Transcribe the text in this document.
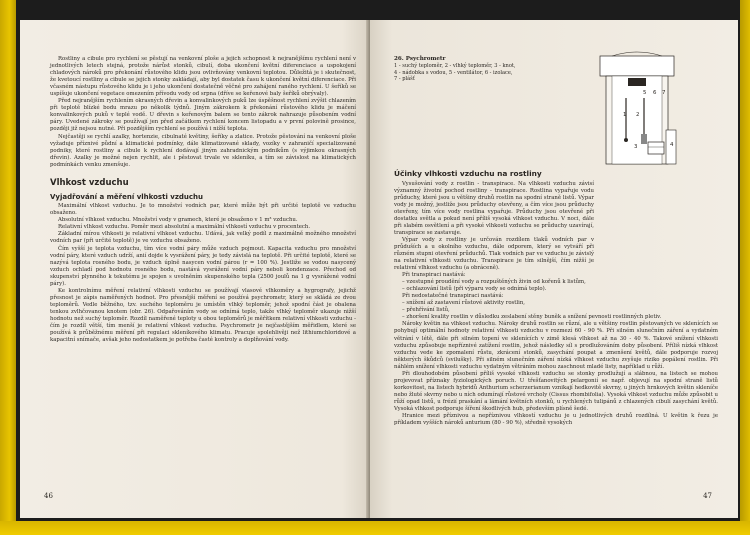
Rostliny a cibule pro rychlení se pěstují na venkovní ploše a jejich schopnost k nejranějšímu rychlení není v jednotlivých letech stejná, protože nárůst stonků, cibulí, doba ukončení květní diferenciace a uspokojení chladových nároků pro překonání růstového klidu jsou ovlivňovány venkovní teplotou. Důležitá je i skutečnost, že kvetoucí rostliny a cibule se jejich stonky zakládají, aby byl dostatek času k ukončení květní diferenciace. Při včasném nástupu růstového klidu je i jeho ukončení dostatečně věčné pro zahájení raného rychlení. U šeříků se uspíšuje ukončení vegetace omezením přívodu vody od srpna (dříve se keřenové baly šeříků obrývaly).

Před nejranějším rychlením okrasných dřevin a konvalinkových puků lze úspěšnost rychlení zvýšit chlazením při teplotě blízké bodu mrazu po několik týdnů. Jiným zákrokem k překonání růstového klidu je máčení konvalinkových puků v teplé vodě. U dřevin s keřenovým balem se tento zákrok nahrazuje působením vodní páry. Uvedené zákroky se používají jen před začátkem rychlení koncem listopadu a v první polovině prosince, později již nejsou nutné. Při pozdějším rychlení se používá i nižší teplota.

Nejčastěji se rychlí azalky, hortenzie, cibulnaté květiny, šeříky a zlatice. Protože pěstování na venkovní ploše vyžaduje příznivé půdní a klimatické podmínky, dále klimatizované sklady, vozíky v zahraničí specializované podniky, které rostliny a cibule k rychlení dodávají jiným zahradnickým podnikům (s výjimkou okrasných dřevin). Azalky je možné nejen rychlit, ale i pěstovat trvale ve skleníku, a tím se závislost na klimatických podmínkách venku zmenšuje.

Vlhkost vzduchu
Vyjadřování a měření vlhkosti vzduchu

Maximální vlhkost vzduchu. Je to množství vodních par, které může být při určité teplotě ve vzduchu obsaženo.

Absolutní vlhkost vzduchu. Množství vody v gramech, které je obsaženo v 1 m³ vzduchu.

Relativní vlhkost vzduchu. Poměr mezi absolutní a maximální vlhkostí vzduchu v procentech.

Základní mírou vlhkosti je relativní vlhkost vzduchu. Udává, jak velký podíl z maximálně možného množství vodních par (při určité teplotě) je ve vzduchu obsaženo.

Čím vyšší je teplota vzduchu, tím více vodní páry může vzduch pojmout. Kapacita vzduchu pro množství vodní páry, které vzduch udrží, anií dojde k vysrážení páry, je tedy závislá na teplotě. Při určité teplotě, které se nazývá teplota rosného bodu, je vzduch úplně nasycen vodní párou (r = 100 %). Jestliže se vodou nasycený vzduch ochladí pod hodnotu rosného bodu, nastává vysrážení vodní páry neboli kondenzace. Přechod od skupenství plynného k tekutému je spojen s uvolněním skupenského tepla (2500 joulů na 1 g vysrážené vodní páry).

Ke kontrolnímu měření relativní vlhkosti vzduchu se používají vlasové vlhkoměry a hygrografy, jejichž přesnost je zápis naměřených hodnot. Pro přesnější měření se používá psychrometr, který se skládá ze dvou teploměrů. Vedle běžného, tzv. suchého teploměru je umístěn vlhký teploměr, jehož spodní část je obalena tenkou zvlhčovanou knotem (obr. 26). Odpařováním vody se odnímá teplo, takže vlhký teploměr ukazuje nižší hodnotu než suchý teploměr. Rozdíl naměřené teploty u obou teploměrů je měřítkem relativní vlhkosti vzduchu - čím je rozdíl větší, tím menší je relativní vlhkost vzduchu. Psychrometr je nejčastějším měřidlem, které se používá k průběžnému měření při regulaci skleníkového klimatu. Pracuje spolehlivěji než lithiumchloridové a kapacitní snímače, avšak jeho nedostatkem je potřeba časté kontroly a doplňování vody.

46
26. Psychrometr
1 - suchý teploměr, 2 - vlhký teploměr, 3 - knot,
4 - nádobka s vodou, 5 - ventilátor, 6 - izolace,
7 - plášť
5 6 7
1 2
3	4
Účinky vlhkosti vzduchu na rostliny

Vysušování vody z rostlin - transpirace. Na vlhkosti vzduchu závisí významný životní pochod rostliny - transpirace. Rostlina vypařuje vodu průduchy, které jsou u většiny druhů rostlin na spodní straně listů. Výpar vody je možný, jestliže jsou průduchy otevřeny, a čím více jsou průduchy otevřeny, tím více vody rostlina vypařuje. Průduchy jsou otevřené při dostatku světla a pokud není příliš vysoká vlhkost vzduchu. V noci, dále při slabém osvětlení a při vysoké vlhkosti vzduchu se průduchy uzavírají, transpirace se zastavuje.

Výpar vody z rostliny je určován rozdílem tlaků vodních par v průduších a u okolního vzduchu, dále odporem, který se vytváří při různém stupni otevření průduchů. Tlak vodních par ve vzduchu je závislý na relativní vlhkosti vzduchu. Transpirace je tím silnější, čím nižší je relativní vlhkost vzduchu (a obráceně).

Při transpiraci nastává:

– vzestupné proudění vody a rozpuštěných živin od kořenů k listům,
– ochlazování listů (při výparu vody se odnímá teplo).

Při nedostatečné transpiraci nastává:

– snížení až zastavení růstové aktivity rostlin,
– přehřívání listů,
– zhoršení kvality rostlin v důsledku zeslabení stěny buněk a snížení pevnosti rostlinných pletiv.

Nároky květin na vlhkost vzduchu. Nároky druhů rostlin se různí, ale u většiny rostlin pěstovaných ve sklenících se pohybují optimální hodnoty relativní vlhkosti vzduchu v rozmezí 60 - 90 %. Při silném slunečním záření a vydatném větrání v létě, dále při silném topení ve sklenících v zimě klesá vlhkost až na 30 - 40 %. Takové snížení vlhkosti vzduchu způsobuje nepříznivé zatížení rostlin, jehož následky síl s prodlužováním doby působení. Příliš nízká vlhkost vzduchu vede ke zpomalení růstu, zkrácení stonků, zasychání poupat a zmenšení květů, dále podporuje rozvoj některých škůdců (svilušky). Při silném slunečním záření nízká vlhkost vzduchu zvyšuje riziko popálení rostlin. Při náhlém snížení vlhkosti vzduchu vydatným větráním mohou zaschnout mladé listy, například u růží.

Při dlouhodobém působení příliš vysoké vlhkosti vzduchu se stonky prodlužují a slábnou, na listech se mohou projevovat příznaky fyziologických poruch. U třešťanovitých pelargonií se např. objevují na spodní straně listů korkovitost, na listech hybridů Anthurium scherzerianum vznikají hedkovitě skvrny, u jiných hrnkových květin skleníče nebo žluté skvrny nebo u ních odumírají růstové vrcholy (Cissus rhombifolia). Vysoká vlhkost vzduchu může způsobit u růží opad listů, u frézií praskání a lámání květních stonků, u rychlených tulipánů z chlazených cibulí zasychání květů. Vysoká vlhkost podporuje šíření škodlivých hub, především plísně šedé.

Hranice mezi příznivou a nepříznivou vlhkostí vzduchu je u jednotlivých druhů rozdílná. U květin k řezu je příkladem vyšších nároků anturium (80 - 90 %), středně vysokých

47
